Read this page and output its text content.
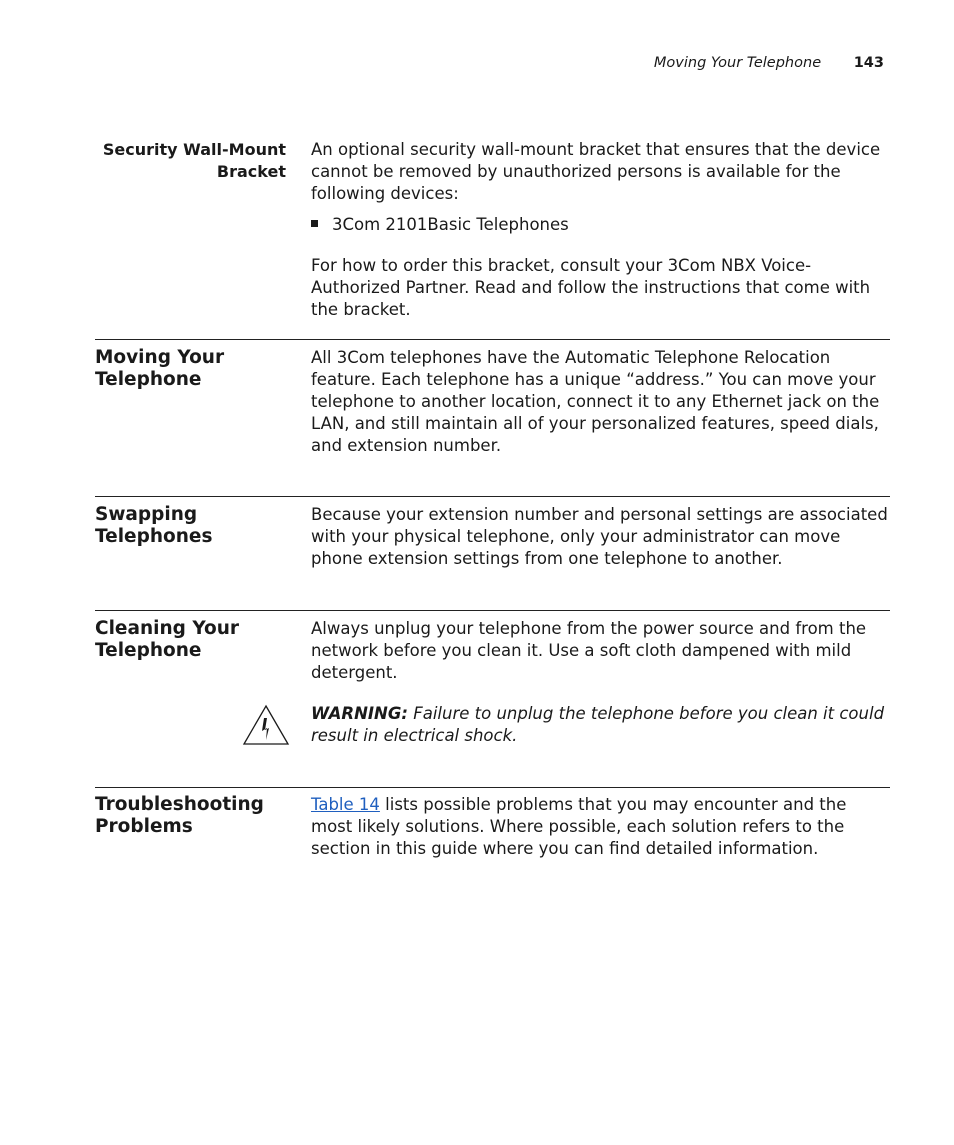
Moving Your Telephone 143
Security Wall-Mount
Bracket

An optional security wall-mount bracket that ensures that the device cannot be removed by unauthorized persons is available for the following devices:

3Com 2101Basic Telephones

For how to order this bracket, consult your 3Com NBX Voice-Authorized Partner. Read and follow the instructions that come with the bracket.

Moving Your
Telephone

All 3Com telephones have the Automatic Telephone Relocation feature. Each telephone has a unique “address.” You can move your telephone to another location, connect it to any Ethernet jack on the LAN, and still maintain all of your personalized features, speed dials, and extension number.

Swapping
Telephones

Because your extension number and personal settings are associated with your physical telephone, only your administrator can move phone extension settings from one telephone to another.

Cleaning Your
Telephone

Always unplug your telephone from the power source and from the network before you clean it. Use a soft cloth dampened with mild detergent.

WARNING: Failure to unplug the telephone before you clean it could result in electrical shock.

Troubleshooting
Problems

Table 14 lists possible problems that you may encounter and the most likely solutions. Where possible, each solution refers to the section in this guide where you can find detailed information.
